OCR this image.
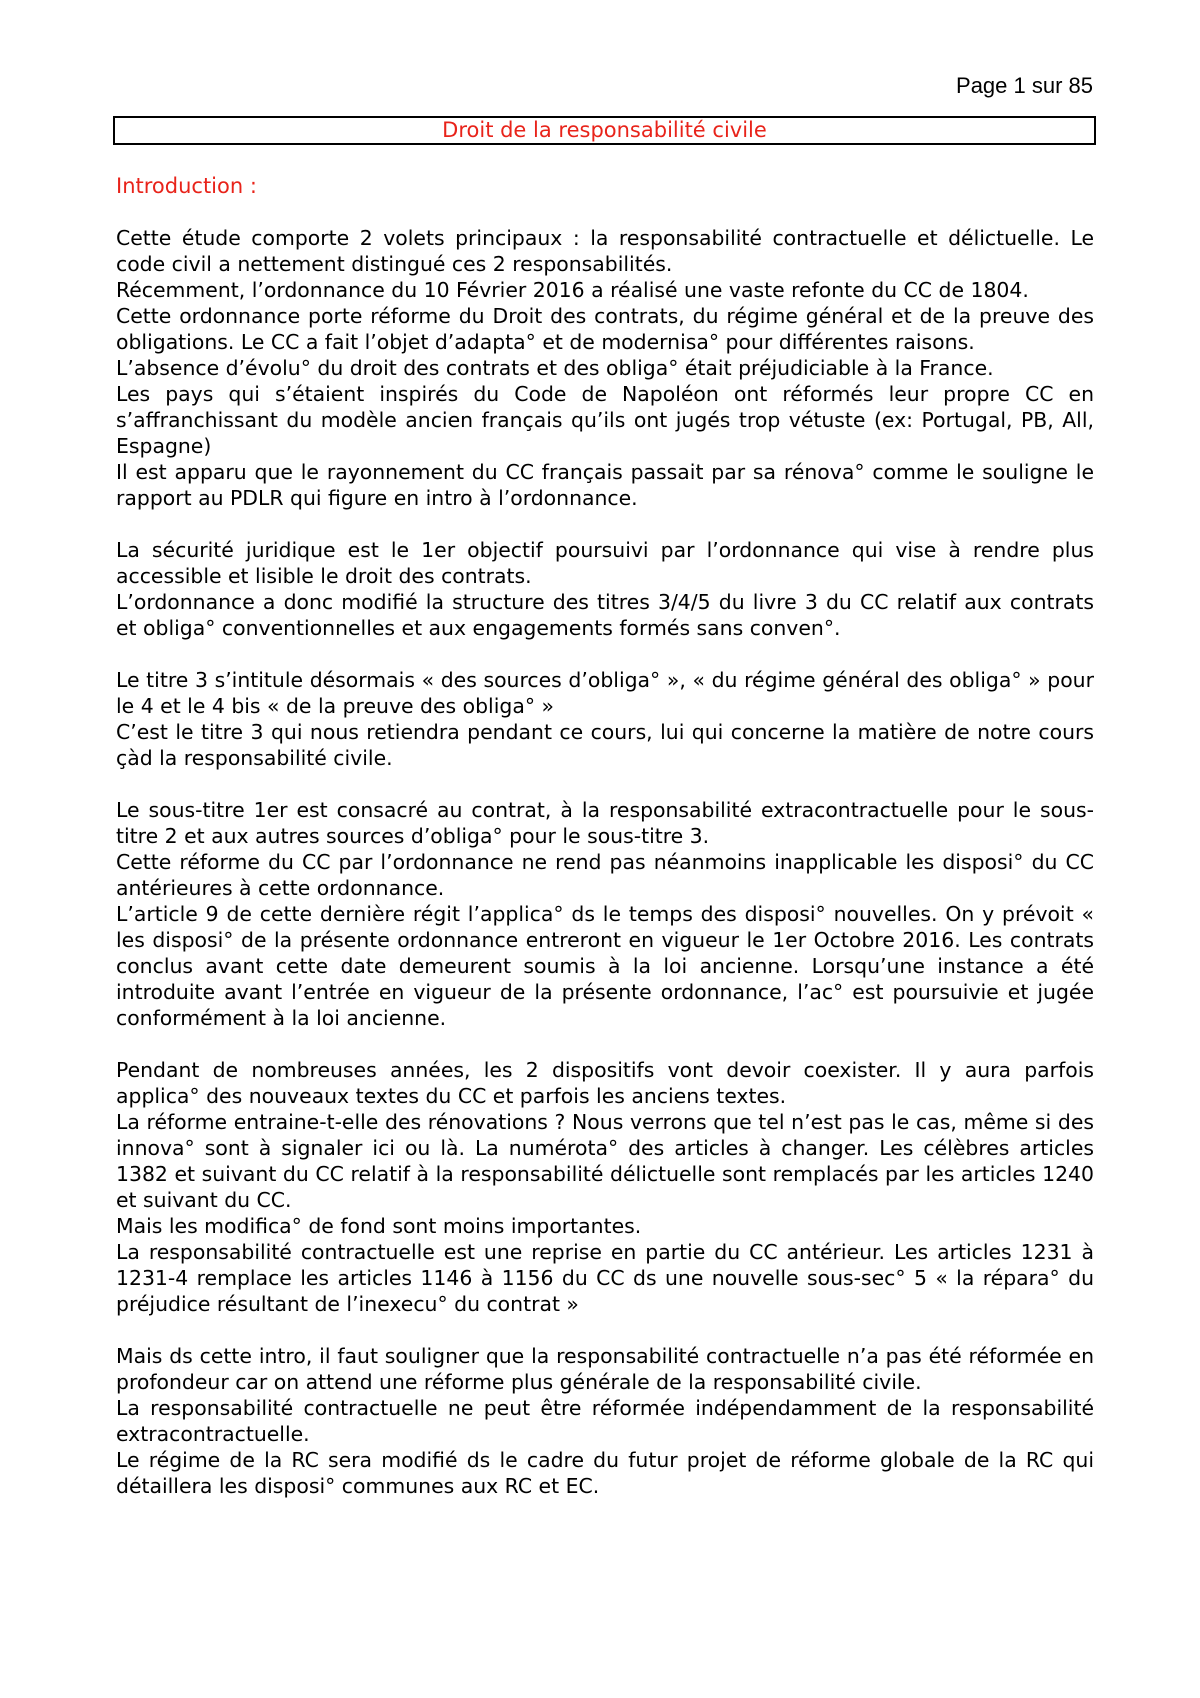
Page 1 sur 85
Droit de la responsabilité civile
Introduction :

Cette étude comporte 2 volets principaux : la responsabilité contractuelle et délictuelle. Le code civil a nettement distingué ces 2 responsabilités.

Récemment, l’ordonnance du 10 Février 2016 a réalisé une vaste refonte du CC de 1804.

Cette ordonnance porte réforme du Droit des contrats, du régime général et de la preuve des obligations. Le CC a fait l’objet d’adapta° et de modernisa° pour différentes raisons.

L’absence d’évolu° du droit des contrats et des obliga° était préjudiciable à la France.

Les pays qui s’étaient inspirés du Code de Napoléon ont réformés leur propre CC en s’affranchissant du modèle ancien français qu’ils ont jugés trop vétuste (ex: Portugal, PB, All, Espagne)

Il est apparu que le rayonnement du CC français passait par sa rénova° comme le souligne le rapport au PDLR qui figure en intro à l’ordonnance.

La sécurité juridique est le 1er objectif poursuivi par l’ordonnance qui vise à rendre plus accessible et lisible le droit des contrats.

L’ordonnance a donc modifié la structure des titres 3/4/5 du livre 3 du CC relatif aux contrats et obliga° conventionnelles et aux engagements formés sans conven°.

Le titre 3 s’intitule désormais « des sources d’obliga° », « du régime général des obliga° » pour le 4 et le 4 bis « de la preuve des obliga° »

C’est le titre 3 qui nous retiendra pendant ce cours, lui qui concerne la matière de notre cours çàd la responsabilité civile.

Le sous-titre 1er est consacré au contrat, à la responsabilité extracontractuelle pour le sous-titre 2 et aux autres sources d’obliga° pour le sous-titre 3.

Cette réforme du CC par l’ordonnance ne rend pas néanmoins inapplicable les disposi° du CC antérieures à cette ordonnance.

L’article 9 de cette dernière régit l’applica° ds le temps des disposi° nouvelles. On y prévoit « les disposi° de la présente ordonnance entreront en vigueur le 1er Octobre 2016. Les contrats conclus avant cette date demeurent soumis à la loi ancienne. Lorsqu’une instance a été introduite avant l’entrée en vigueur de la présente ordonnance, l’ac° est poursuivie et jugée conformément à la loi ancienne.

Pendant de nombreuses années, les 2 dispositifs vont devoir coexister. Il y aura parfois applica° des nouveaux textes du CC et parfois les anciens textes.

La réforme entraine-t-elle des rénovations ? Nous verrons que tel n’est pas le cas, même si des innova° sont à signaler ici ou là. La numérota° des articles à changer. Les célèbres articles 1382 et suivant du CC relatif à la responsabilité délictuelle sont remplacés par les articles 1240 et suivant du CC.

Mais les modifica° de fond sont moins importantes.

La responsabilité contractuelle est une reprise en partie du CC antérieur. Les articles 1231 à 1231-4 remplace les articles 1146 à 1156 du CC ds une nouvelle sous-sec° 5 « la répara° du préjudice résultant de l’inexecu° du contrat »

Mais ds cette intro, il faut souligner que la responsabilité contractuelle n’a pas été réformée en profondeur car on attend une réforme plus générale de la responsabilité civile.

La responsabilité contractuelle ne peut être réformée indépendamment de la responsabilité extracontractuelle.

Le régime de la RC sera modifié ds le cadre du futur projet de réforme globale de la RC qui détaillera les disposi° communes aux RC et EC.
